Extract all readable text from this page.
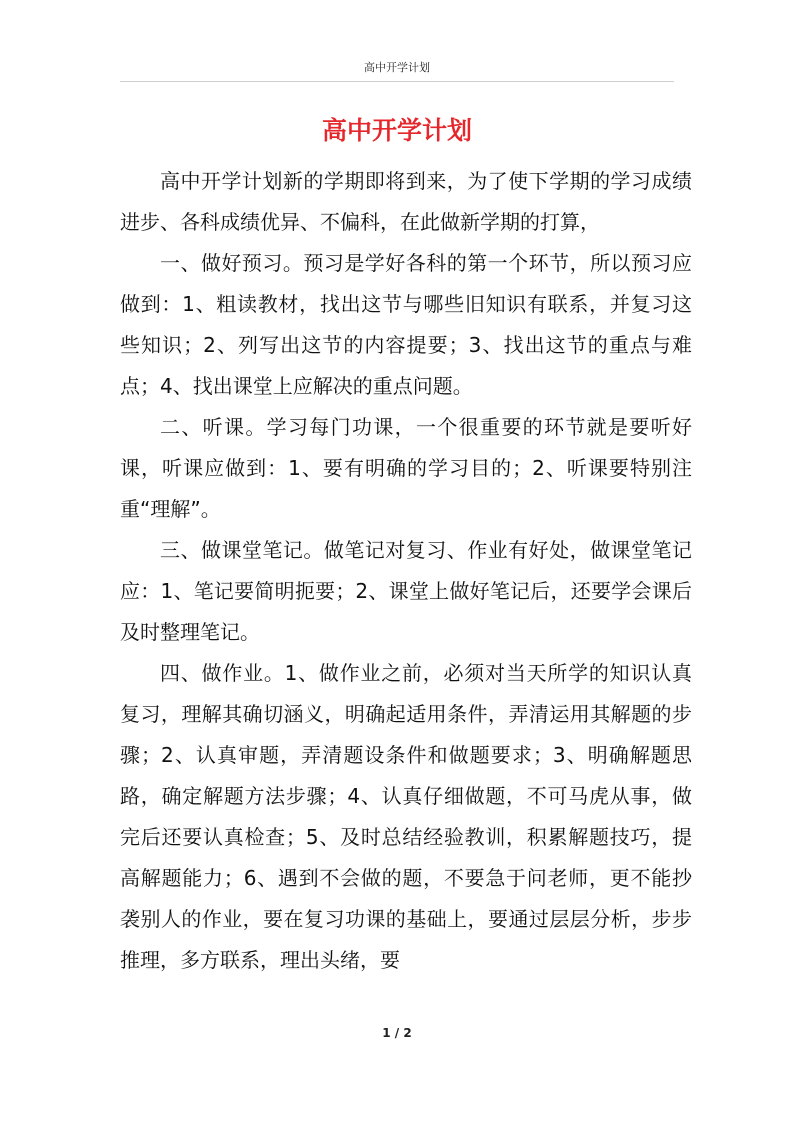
高中开学计划
高中开学计划

高中开学计划新的学期即将到来，为了使下学期的学习成绩进步、各科成绩优异、不偏科，在此做新学期的打算，

一、做好预习。预习是学好各科的第一个环节，所以预习应做到：1、粗读教材，找出这节与哪些旧知识有联系，并复习这些知识；2、列写出这节的内容提要；3、找出这节的重点与难点；4、找出课堂上应解决的重点问题。

二、听课。学习每门功课，一个很重要的环节就是要听好课，听课应做到：1、要有明确的学习目的；2、听课要特别注重“理解”。

三、做课堂笔记。做笔记对复习、作业有好处，做课堂笔记应：1、笔记要简明扼要；2、课堂上做好笔记后，还要学会课后及时整理笔记。

四、做作业。1、做作业之前，必须对当天所学的知识认真复习，理解其确切涵义，明确起适用条件，弄清运用其解题的步骤；2、认真审题，弄清题设条件和做题要求；3、明确解题思路，确定解题方法步骤；4、认真仔细做题，不可马虎从事，做完后还要认真检查；5、及时总结经验教训，积累解题技巧，提高解题能力；6、遇到不会做的题，不要急于问老师，更不能抄袭别人的作业，要在复习功课的基础上，要通过层层分析，步步推理，多方联系，理出头绪，要

1 / 2
